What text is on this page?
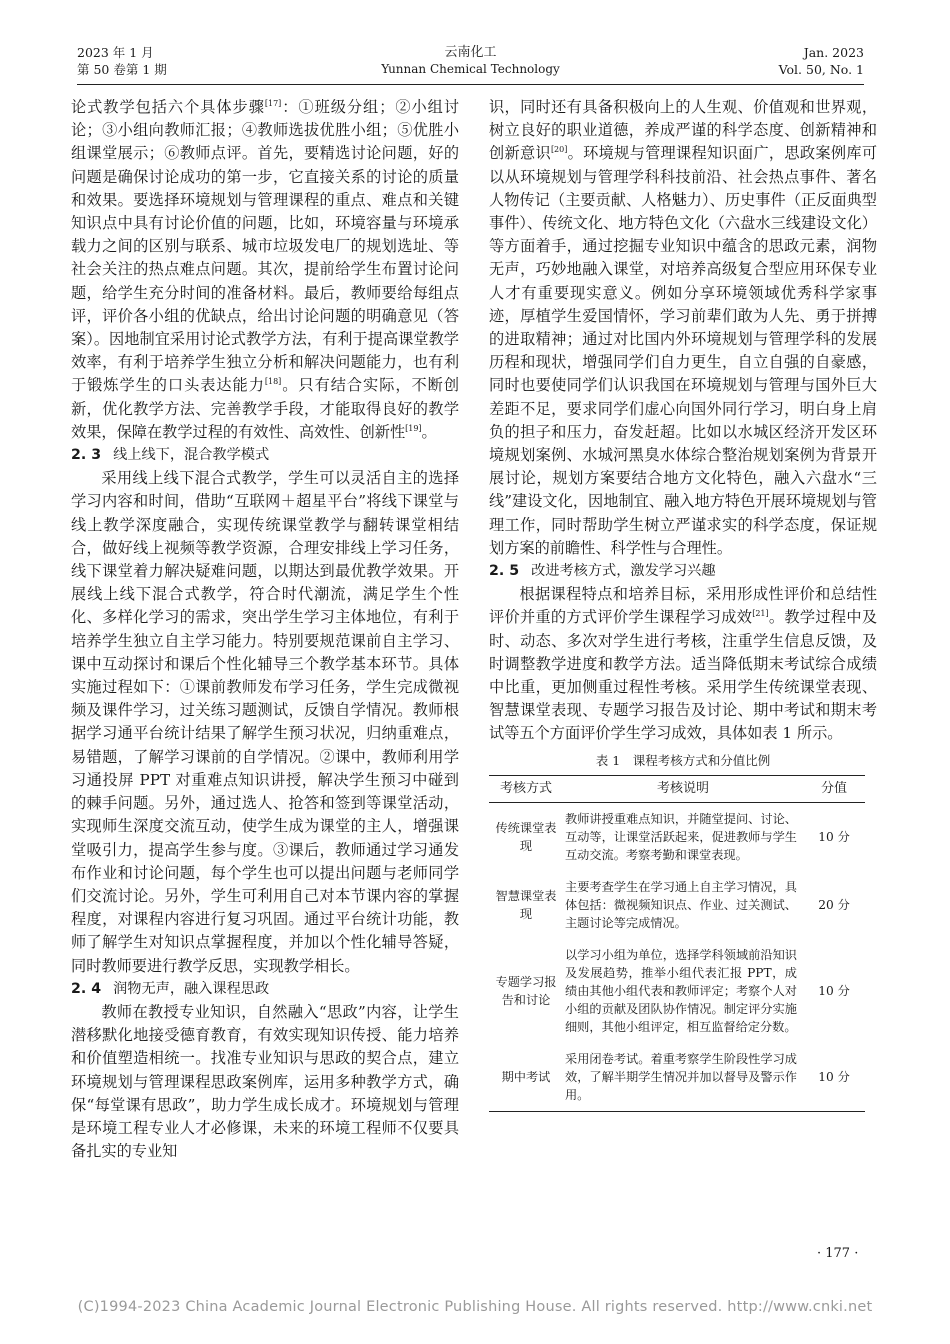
2023 年 1 月
第 50 卷第 1 期
云南化工
Yunnan Chemical Technology
Jan. 2023
Vol. 50, No. 1

论式教学包括六个具体步骤[17]：①班级分组；②小组讨论；③小组向教师汇报；④教师选拔优胜小组；⑤优胜小组课堂展示；⑥教师点评。首先，要精选讨论问题，好的问题是确保讨论成功的第一步，它直接关系的讨论的质量和效果。要选择环境规划与管理课程的重点、难点和关键知识点中具有讨论价值的问题，比如，环境容量与环境承载力之间的区别与联系、城市垃圾发电厂的规划选址、等社会关注的热点难点问题。其次，提前给学生布置讨论问题，给学生充分时间的准备材料。最后，教师要给每组点评，评价各小组的优缺点，给出讨论问题的明确意见（答案）。因地制宜采用讨论式教学方法，有利于提高课堂教学效率，有利于培养学生独立分析和解决问题能力，也有利于锻炼学生的口头表达能力[18]。只有结合实际，不断创新，优化教学方法、完善教学手段，才能取得良好的教学效果，保障在教学过程的有效性、高效性、创新性[19]。

2. 3 线上线下，混合教学模式

采用线上线下混合式教学，学生可以灵活自主的选择学习内容和时间，借助“互联网＋超星平台”将线下课堂与线上教学深度融合，实现传统课堂教学与翻转课堂相结合，做好线上视频等教学资源，合理安排线上学习任务，线下课堂着力解决疑难问题，以期达到最优教学效果。开展线上线下混合式教学，符合时代潮流，满足学生个性化、多样化学习的需求，突出学生学习主体地位，有利于培养学生独立自主学习能力。特别要规范课前自主学习、课中互动探讨和课后个性化辅导三个教学基本环节。具体实施过程如下：①课前教师发布学习任务，学生完成微视频及课件学习，过关练习题测试，反馈自学情况。教师根据学习通平台统计结果了解学生预习状况，归纳重难点，易错题，了解学习课前的自学情况。②课中，教师利用学习通投屏 PPT 对重难点知识讲授，解决学生预习中碰到的棘手问题。另外，通过选人、抢答和签到等课堂活动，实现师生深度交流互动，使学生成为课堂的主人，增强课堂吸引力，提高学生参与度。③课后，教师通过学习通发布作业和讨论问题，每个学生也可以提出问题与老师同学们交流讨论。另外，学生可利用自己对本节课内容的掌握程度，对课程内容进行复习巩固。通过平台统计功能，教师了解学生对知识点掌握程度，并加以个性化辅导答疑，同时教师要进行教学反思，实现教学相长。

2. 4 润物无声，融入课程思政

教师在教授专业知识，自然融入“思政”内容，让学生潜移默化地接受德育教育，有效实现知识传授、能力培养和价值塑造相统一。找准专业知识与思政的契合点，建立环境规划与管理课程思政案例库，运用多种教学方式，确保“每堂课有思政”，助力学生成长成才。环境规划与管理是环境工程专业人才必修课，未来的环境工程师不仅要具备扎实的专业知

识，同时还有具备积极向上的人生观、价值观和世界观，树立良好的职业道德，养成严谨的科学态度、创新精神和创新意识[20]。环境规与管理课程知识面广，思政案例库可以从环境规划与管理学科科技前沿、社会热点事件、著名人物传记（主要贡献、人格魅力）、历史事件（正反面典型事件）、传统文化、地方特色文化（六盘水三线建设文化）等方面着手，通过挖掘专业知识中蕴含的思政元素，润物无声，巧妙地融入课堂，对培养高级复合型应用环保专业人才有重要现实意义。例如分享环境领域优秀科学家事迹，厚植学生爱国情怀，学习前辈们敢为人先、勇于拼搏的进取精神；通过对比国内外环境规划与管理学科的发展历程和现状，增强同学们自力更生，自立自强的自豪感，同时也要使同学们认识我国在环境规划与管理与国外巨大差距不足，要求同学们虚心向国外同行学习，明白身上肩负的担子和压力，奋发赶超。比如以水城区经济开发区环境规划案例、水城河黑臭水体综合整治规划案例为背景开展讨论，规划方案要结合地方文化特色，融入六盘水“三线”建设文化，因地制宜、融入地方特色开展环境规划与管理工作，同时帮助学生树立严谨求实的科学态度，保证规划方案的前瞻性、科学性与合理性。

2. 5 改进考核方式，激发学习兴趣

根据课程特点和培养目标，采用形成性评价和总结性评价并重的方式评价学生课程学习成效[21]。教学过程中及时、动态、多次对学生进行考核，注重学生信息反馈，及时调整教学进度和教学方法。适当降低期末考试综合成绩中比重，更加侧重过程性考核。采用学生传统课堂表现、智慧课堂表现、专题学习报告及讨论、期中考试和期末考试等五个方面评价学生学习成效，具体如表 1 所示。

表 1　课程考核方式和分值比例
考核方式	考核说明	分值
传统课堂表现	教师讲授重难点知识，并随堂提问、讨论、互动等，让课堂活跃起来，促进教师与学生互动交流。考察考勤和课堂表现。	10 分
智慧课堂表现	主要考查学生在学习通上自主学习情况，具体包括：微视频知识点、作业、过关测试、主题讨论等完成情况。	20 分
专题学习报告和讨论	以学习小组为单位，选择学科领域前沿知识及发展趋势，推举小组代表汇报 PPT，成绩由其他小组代表和教师评定；考察个人对小组的贡献及团队协作情况。制定评分实施细则，其他小组评定，相互监督给定分数。	10 分
期中考试	采用闭卷考试。着重考察学生阶段性学习成效，了解半期学生情况并加以督导及警示作用。	10 分
· 177 ·
(C)1994-2023 China Academic Journal Electronic Publishing House. All rights reserved. http://www.cnki.net
